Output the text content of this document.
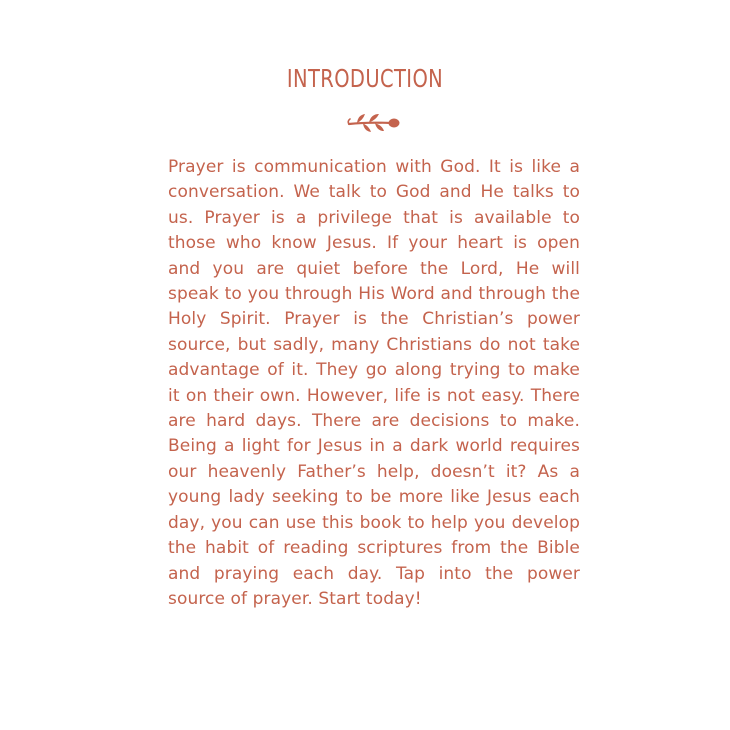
INTRODUCTION

Prayer is communication with God. It is like a conversation. We talk to God and He talks to us. Prayer is a privilege that is available to those who know Jesus. If your heart is open and you are quiet before the Lord, He will speak to you through His Word and through the Holy Spirit. Prayer is the Christian’s power source, but sadly, many Christians do not take advantage of it. They go along trying to make it on their own. However, life is not easy. There are hard days. There are decisions to make. Being a light for Jesus in a dark world requires our heavenly Father’s help, doesn’t it? As a young lady seeking to be more like Jesus each day, you can use this book to help you develop the habit of reading scriptures from the Bible and praying each day. Tap into the power source of prayer. Start today!
